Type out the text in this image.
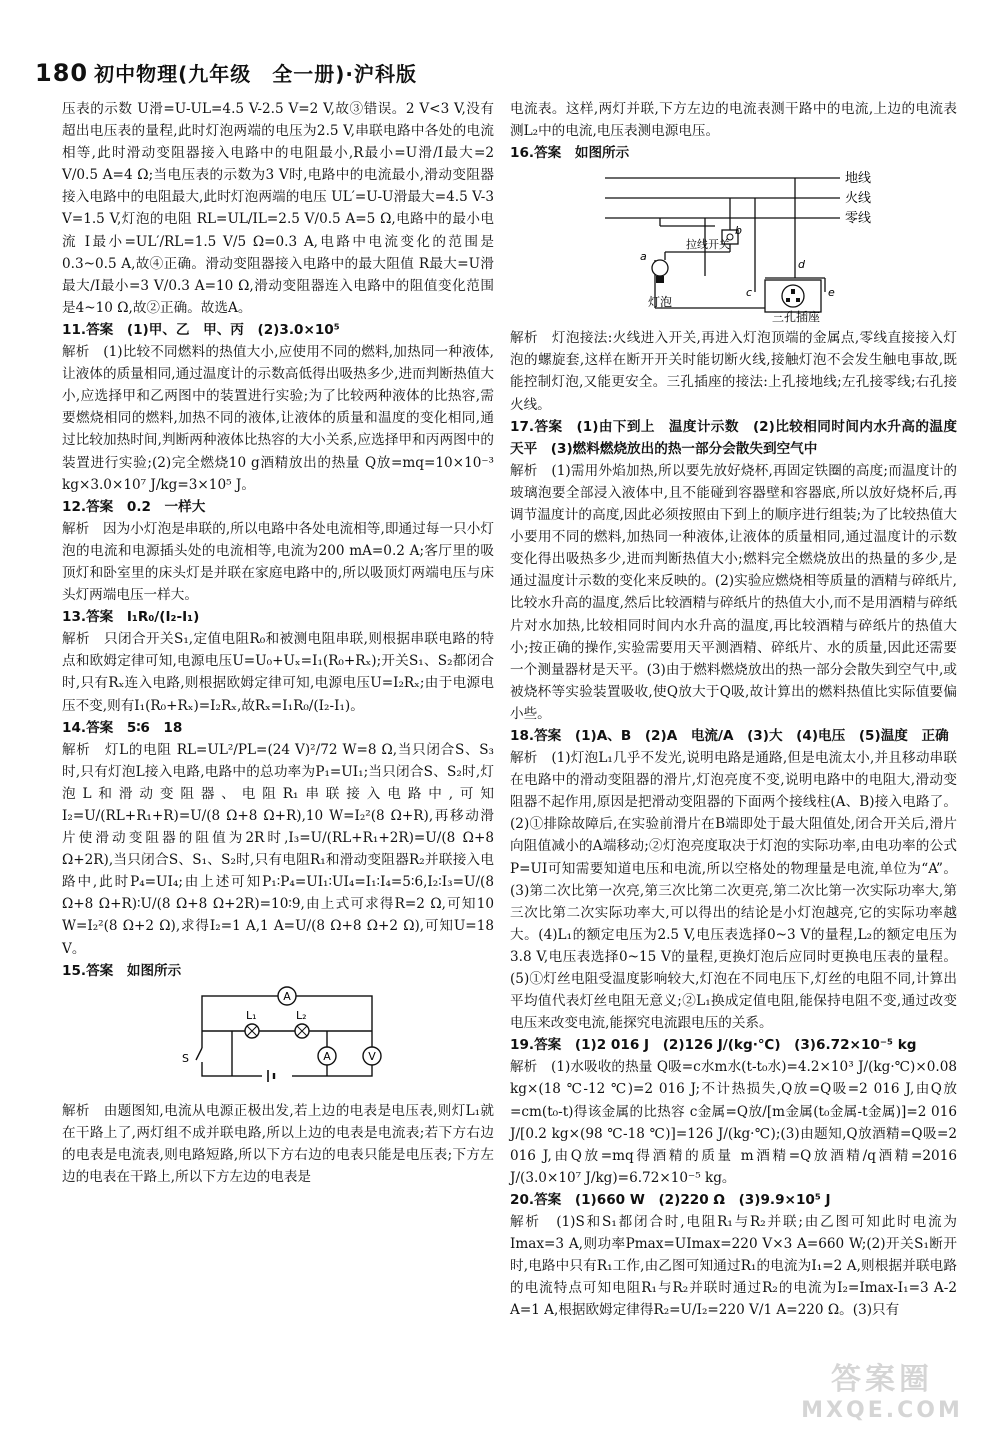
180 初中物理(九年级　全一册)·沪科版

压表的示数 U滑=U-UL=4.5 V-2.5 V=2 V,故③错误。2 V<3 V,没有超出电压表的量程,此时灯泡两端的电压为2.5 V,串联电路中各处的电流相等,此时滑动变阻器接入电路中的电阻最小,R最小=U滑/I最大=2 V/0.5 A=4 Ω;当电压表的示数为3 V时,电路中的电流最小,滑动变阻器接入电路中的电阻最大,此时灯泡两端的电压 UL′=U-U滑最大=4.5 V-3 V=1.5 V,灯泡的电阻 RL=UL/IL=2.5 V/0.5 A=5 Ω,电路中的最小电流 I最小=UL′/RL=1.5 V/5 Ω=0.3 A,电路中电流变化的范围是0.3~0.5 A,故④正确。滑动变阻器接入电路中的最大阻值 R最大=U滑最大/I最小=3 V/0.3 A=10 Ω,滑动变阻器连入电路中的阻值变化范围是4~10 Ω,故②正确。故选A。

11.答案　(1)甲、乙　甲、丙　(2)3.0×10⁵

解析　(1)比较不同燃料的热值大小,应使用不同的燃料,加热同一种液体,让液体的质量相同,通过温度计的示数高低得出吸热多少,进而判断热值大小,应选择甲和乙两图中的装置进行实验;为了比较两种液体的比热容,需要燃烧相同的燃料,加热不同的液体,让液体的质量和温度的变化相同,通过比较加热时间,判断两种液体比热容的大小关系,应选择甲和丙两图中的装置进行实验;(2)完全燃烧10 g酒精放出的热量 Q放=mq=10×10⁻³ kg×3.0×10⁷ J/kg=3×10⁵ J。

12.答案　0.2　一样大

解析　因为小灯泡是串联的,所以电路中各处电流相等,即通过每一只小灯泡的电流和电源插头处的电流相等,电流为200 mA=0.2 A;客厅里的吸顶灯和卧室里的床头灯是并联在家庭电路中的,所以吸顶灯两端电压与床头灯两端电压一样大。

13.答案　I₁R₀/(I₂-I₁)

解析　只闭合开关S₁,定值电阻R₀和被测电阻串联,则根据串联电路的特点和欧姆定律可知,电源电压U=U₀+Uₓ=I₁(R₀+Rₓ);开关S₁、S₂都闭合时,只有Rₓ连入电路,则根据欧姆定律可知,电源电压U=I₂Rₓ;由于电源电压不变,则有I₁(R₀+Rₓ)=I₂Rₓ,故Rₓ=I₁R₀/(I₂-I₁)。

14.答案　5∶6　18

解析　灯L的电阻 RL=UL²/PL=(24 V)²/72 W=8 Ω,当只闭合S、S₃时,只有灯泡L接入电路,电路中的总功率为P₁=UI₁;当只闭合S、S₂时,灯泡L和滑动变阻器、电阻R₁串联接入电路中,可知I₂=U/(RL+R₁+R)=U/(8 Ω+8 Ω+R),10 W=I₂²(8 Ω+R),再移动滑片使滑动变阻器的阻值为2R时,I₃=U/(RL+R₁+2R)=U/(8 Ω+8 Ω+2R),当只闭合S、S₁、S₂时,只有电阻R₁和滑动变阻器R₂并联接入电路中,此时P₄=UI₄;由上述可知P₁∶P₄=UI₁∶UI₄=I₁∶I₄=5∶6,I₂∶I₃=U/(8 Ω+8 Ω+R)∶U/(8 Ω+8 Ω+2R)=10∶9,由上式可求得R=2 Ω,可知10 W=I₂²(8 Ω+2 Ω),求得I₂=1 A,1 A=U/(8 Ω+8 Ω+2 Ω),可知U=18 V。

15.答案　如图所示

A
L₁	L₂
S	A	V

解析　由题图知,电流从电源正极出发,若上边的电表是电压表,则灯L₁就在干路上了,两灯组不成并联电路,所以上边的电表是电流表;若下方右边的电表是电流表,则电路短路,所以下方右边的电表只能是电压表;下方左边的电表在干路上,所以下方左边的电表是

电流表。这样,两灯并联,下方左边的电流表测干路中的电流,上边的电流表测L₂中的电流,电压表测电源电压。

16.答案　如图所示

地线
火线
零线
拉线开关
灯泡
三孔插座
a
b
c
d
e

解析　灯泡接法:火线进入开关,再进入灯泡顶端的金属点,零线直接接入灯泡的螺旋套,这样在断开开关时能切断火线,接触灯泡不会发生触电事故,既能控制灯泡,又能更安全。三孔插座的接法:上孔接地线;左孔接零线;右孔接火线。

17.答案　(1)由下到上　温度计示数　(2)比较相同时间内水升高的温度　天平　(3)燃料燃烧放出的热一部分会散失到空气中

解析　(1)需用外焰加热,所以要先放好烧杯,再固定铁圈的高度;而温度计的玻璃泡要全部浸入液体中,且不能碰到容器壁和容器底,所以放好烧杯后,再调节温度计的高度,因此必须按照由下到上的顺序进行组装;为了比较热值大小要用不同的燃料,加热同一种液体,让液体的质量相同,通过温度计的示数变化得出吸热多少,进而判断热值大小;燃料完全燃烧放出的热量的多少,是通过温度计示数的变化来反映的。(2)实验应燃烧相等质量的酒精与碎纸片,比较水升高的温度,然后比较酒精与碎纸片的热值大小,而不是用酒精与碎纸片对水加热,比较相同时间内水升高的温度,再比较酒精与碎纸片的热值大小;按正确的操作,实验需要用天平测酒精、碎纸片、水的质量,因此还需要一个测量器材是天平。(3)由于燃料燃烧放出的热一部分会散失到空气中,或被烧杯等实验装置吸收,使Q放大于Q吸,故计算出的燃料热值比实际值要偏小些。

18.答案　(1)A、B　(2)A　电流/A　(3)大　(4)电压　(5)温度　正确

解析　(1)灯泡L₁几乎不发光,说明电路是通路,但是电流太小,并且移动串联在电路中的滑动变阻器的滑片,灯泡亮度不变,说明电路中的电阻大,滑动变阻器不起作用,原因是把滑动变阻器的下面两个接线柱(A、B)接入电路了。(2)①排除故障后,在实验前滑片在B端即处于最大阻值处,闭合开关后,滑片向阻值减小的A端移动;②灯泡亮度取决于灯泡的实际功率,由电功率的公式P=UI可知需要知道电压和电流,所以空格处的物理量是电流,单位为“A”。(3)第二次比第一次亮,第三次比第二次更亮,第二次比第一次实际功率大,第三次比第二次实际功率大,可以得出的结论是小灯泡越亮,它的实际功率越大。(4)L₁的额定电压为2.5 V,电压表选择0~3 V的量程,L₂的额定电压为3.8 V,电压表选择0~15 V的量程,更换灯泡后应同时更换电压表的量程。(5)①灯丝电阻受温度影响较大,灯泡在不同电压下,灯丝的电阻不同,计算出平均值代表灯丝电阻无意义;②L₁换成定值电阻,能保持电阻不变,通过改变电压来改变电流,能探究电流跟电压的关系。

19.答案　(1)2 016 J　(2)126 J/(kg·℃)　(3)6.72×10⁻⁵ kg

解析　(1)水吸收的热量 Q吸=c水m水(t-t₀水)=4.2×10³ J/(kg·℃)×0.08 kg×(18 ℃-12 ℃)=2 016 J;不计热损失,Q放=Q吸=2 016 J,由Q放=cm(t₀-t)得该金属的比热容 c金属=Q放/[m金属(t₀金属-t金属)]=2 016 J/[0.2 kg×(98 ℃-18 ℃)]=126 J/(kg·℃);(3)由题知,Q放酒精=Q吸=2 016 J,由Q放=mq得酒精的质量 m酒精=Q放酒精/q酒精=2016 J/(3.0×10⁷ J/kg)=6.72×10⁻⁵ kg。

20.答案　(1)660 W　(2)220 Ω　(3)9.9×10⁵ J

解析　(1)S和S₁都闭合时,电阻R₁与R₂并联;由乙图可知此时电流为Imax=3 A,则功率Pmax=UImax=220 V×3 A=660 W;(2)开关S₁断开时,电路中只有R₁工作,由乙图可知通过R₁的电流为I₁=2 A,则根据并联电路的电流特点可知电阻R₁与R₂并联时通过R₂的电流为I₂=Imax-I₁=3 A-2 A=1 A,根据欧姆定律得R₂=U/I₂=220 V/1 A=220 Ω。(3)只有

答案圈
MXQE.COM
